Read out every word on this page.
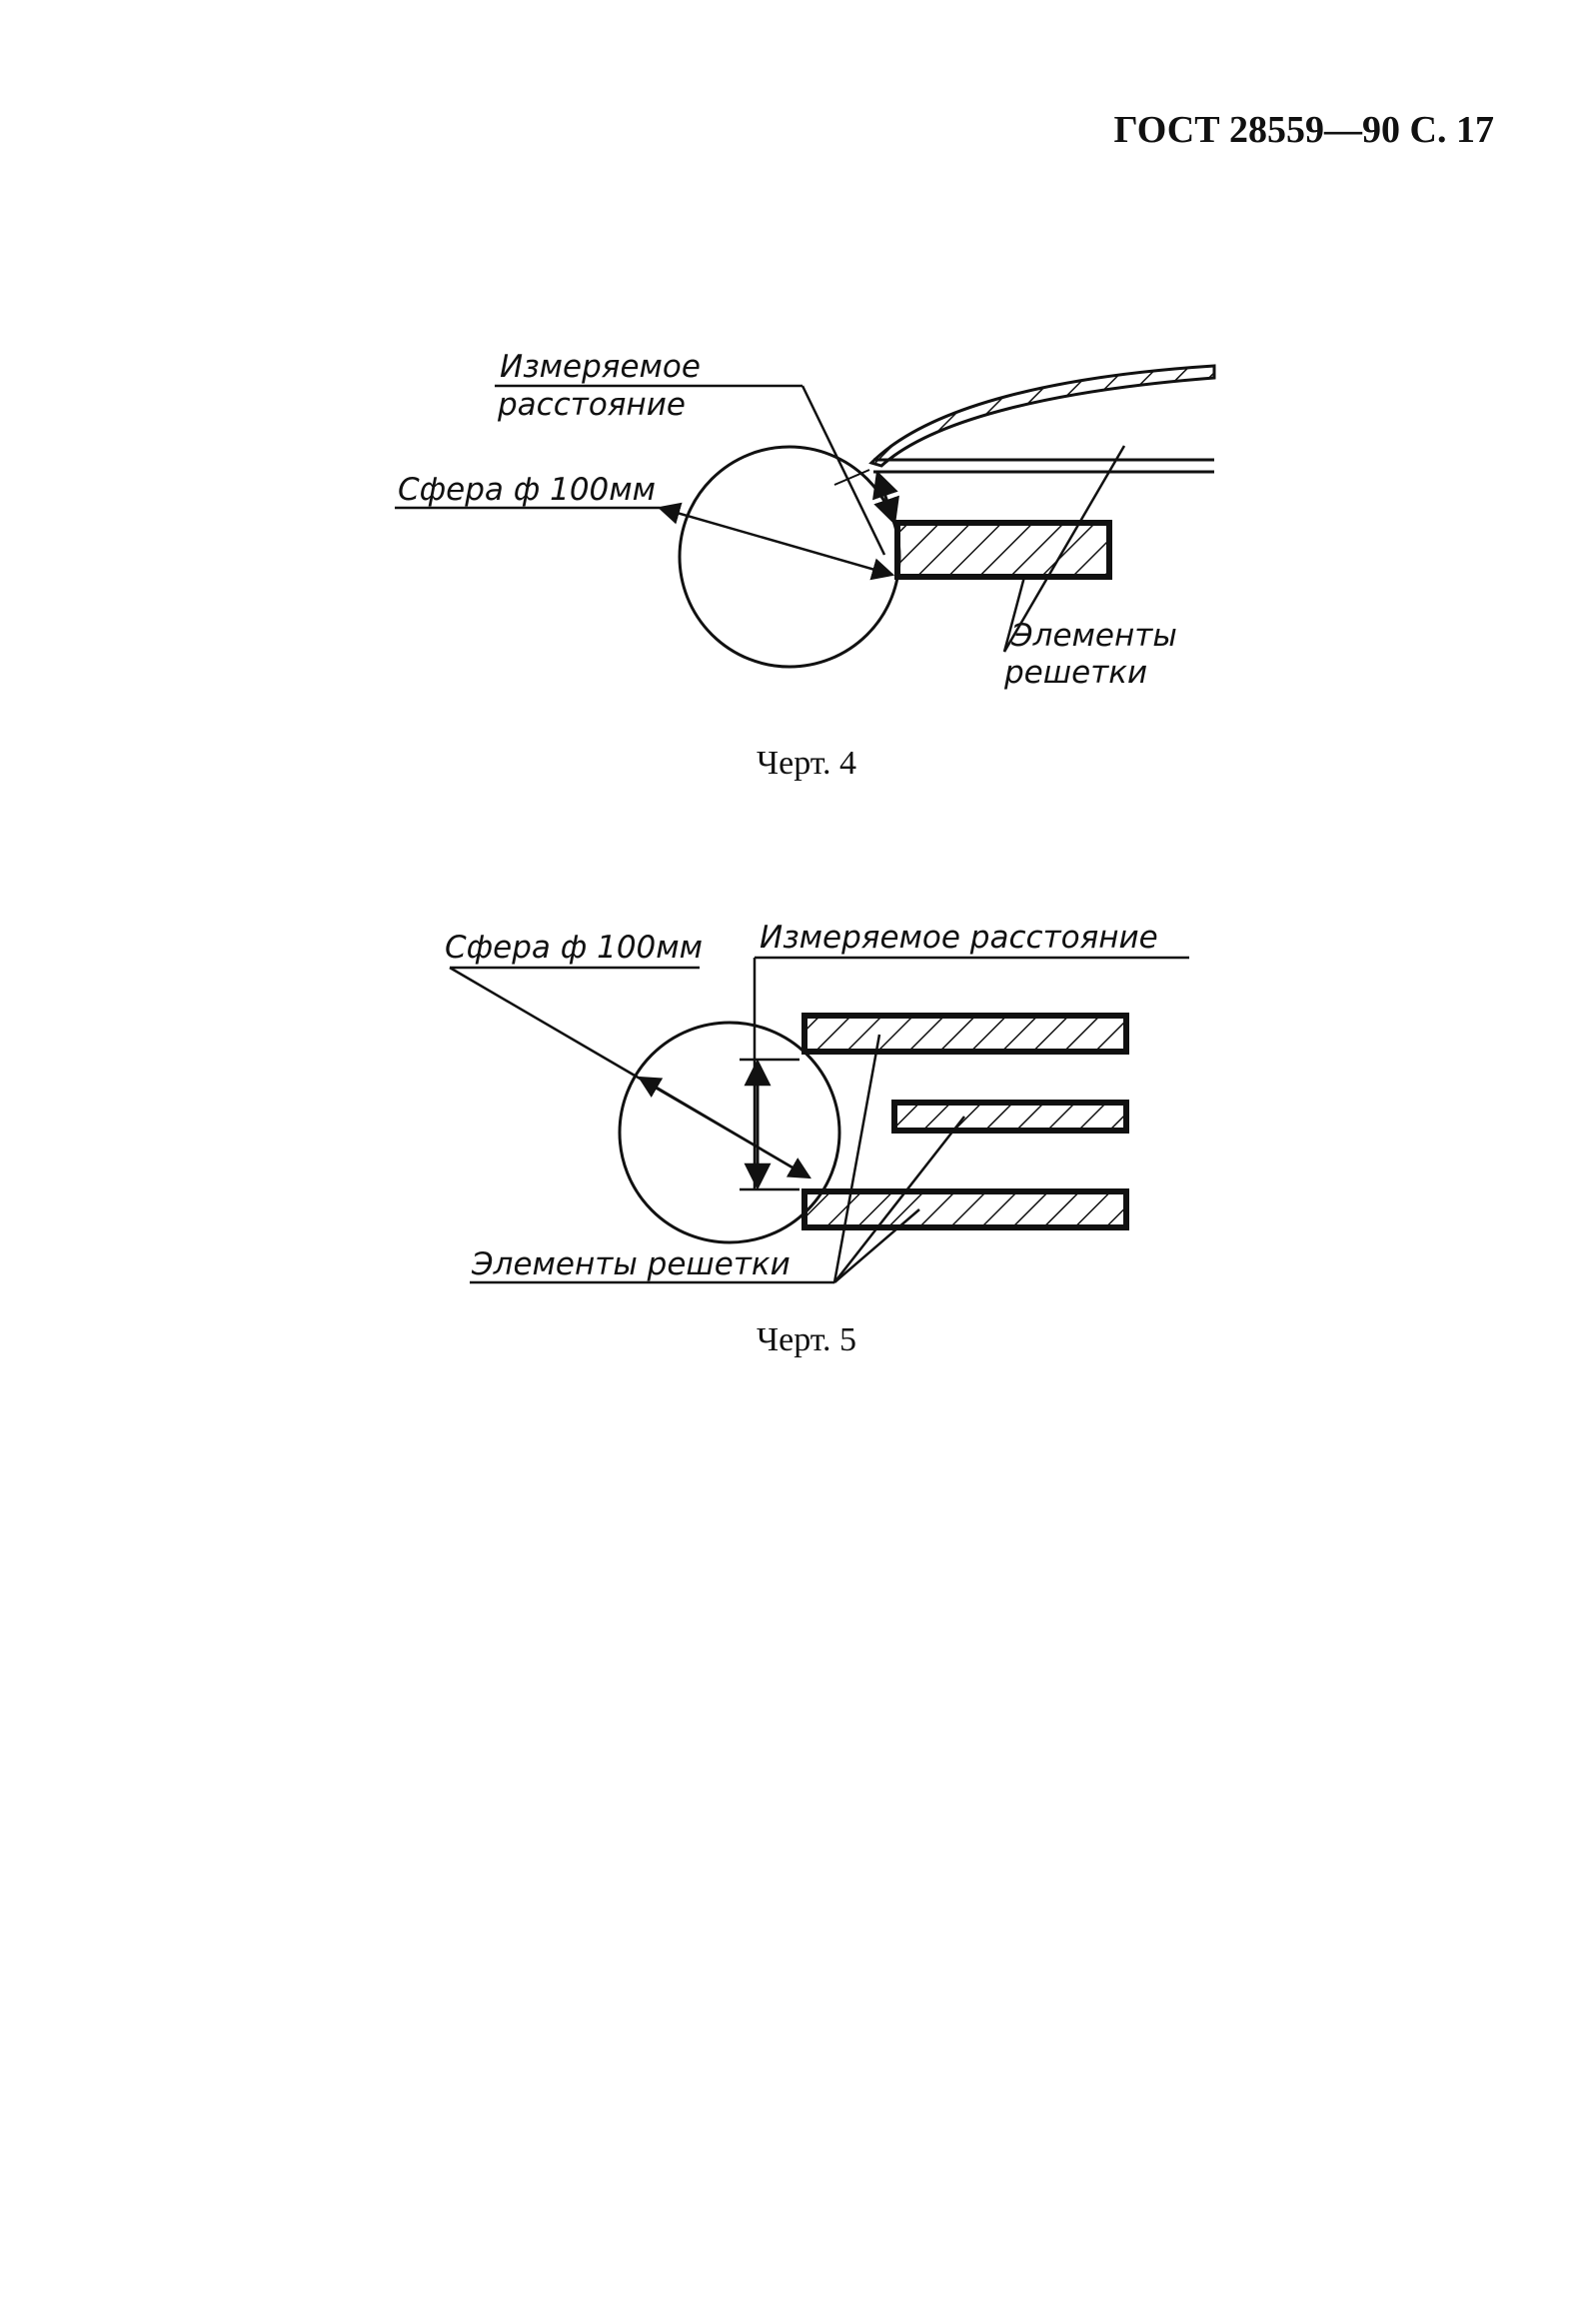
ГОСТ 28559—90 С. 17
Измеряемое
расстояние
Сфера ф 100мм
Элементы
решетки
Сфера ф 100мм Измеряемое расстояние
Элементы решетки
Черт. 4
Черт. 5
